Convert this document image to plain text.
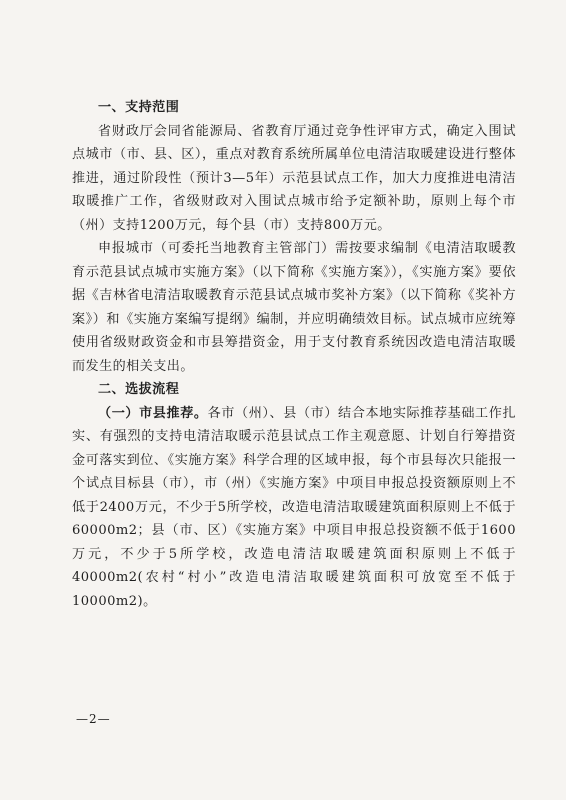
一、支持范围

省财政厅会同省能源局、省教育厅通过竞争性评审方式，确定入围试点城市（市、县、区），重点对教育系统所属单位电清洁取暖建设进行整体推进，通过阶段性（预计3—5年）示范县试点工作，加大力度推进电清洁取暖推广工作，省级财政对入围试点城市给予定额补助，原则上每个市（州）支持1200万元，每个县（市）支持800万元。

申报城市（可委托当地教育主管部门）需按要求编制《电清洁取暖教育示范县试点城市实施方案》（以下简称《实施方案》），《实施方案》要依据《吉林省电清洁取暖教育示范县试点城市奖补方案》（以下简称《奖补方案》）和《实施方案编写提纲》编制，并应明确绩效目标。试点城市应统筹使用省级财政资金和市县筹措资金，用于支付教育系统因改造电清洁取暖而发生的相关支出。

二、选拔流程

（一）市县推荐。各市（州）、县（市）结合本地实际推荐基础工作扎实、有强烈的支持电清洁取暖示范县试点工作主观意愿、计划自行筹措资金可落实到位、《实施方案》科学合理的区域申报，每个市县每次只能报一个试点目标县（市），市（州）《实施方案》中项目申报总投资额原则上不低于2400万元，不少于5所学校，改造电清洁取暖建筑面积原则上不低于60000m2；县（市、区）《实施方案》中项目申报总投资额不低于1600万元，不少于5所学校，改造电清洁取暖建筑面积原则上不低于40000m2(农村“村小”改造电清洁取暖建筑面积可放宽至不低于10000m2)。

—2—
